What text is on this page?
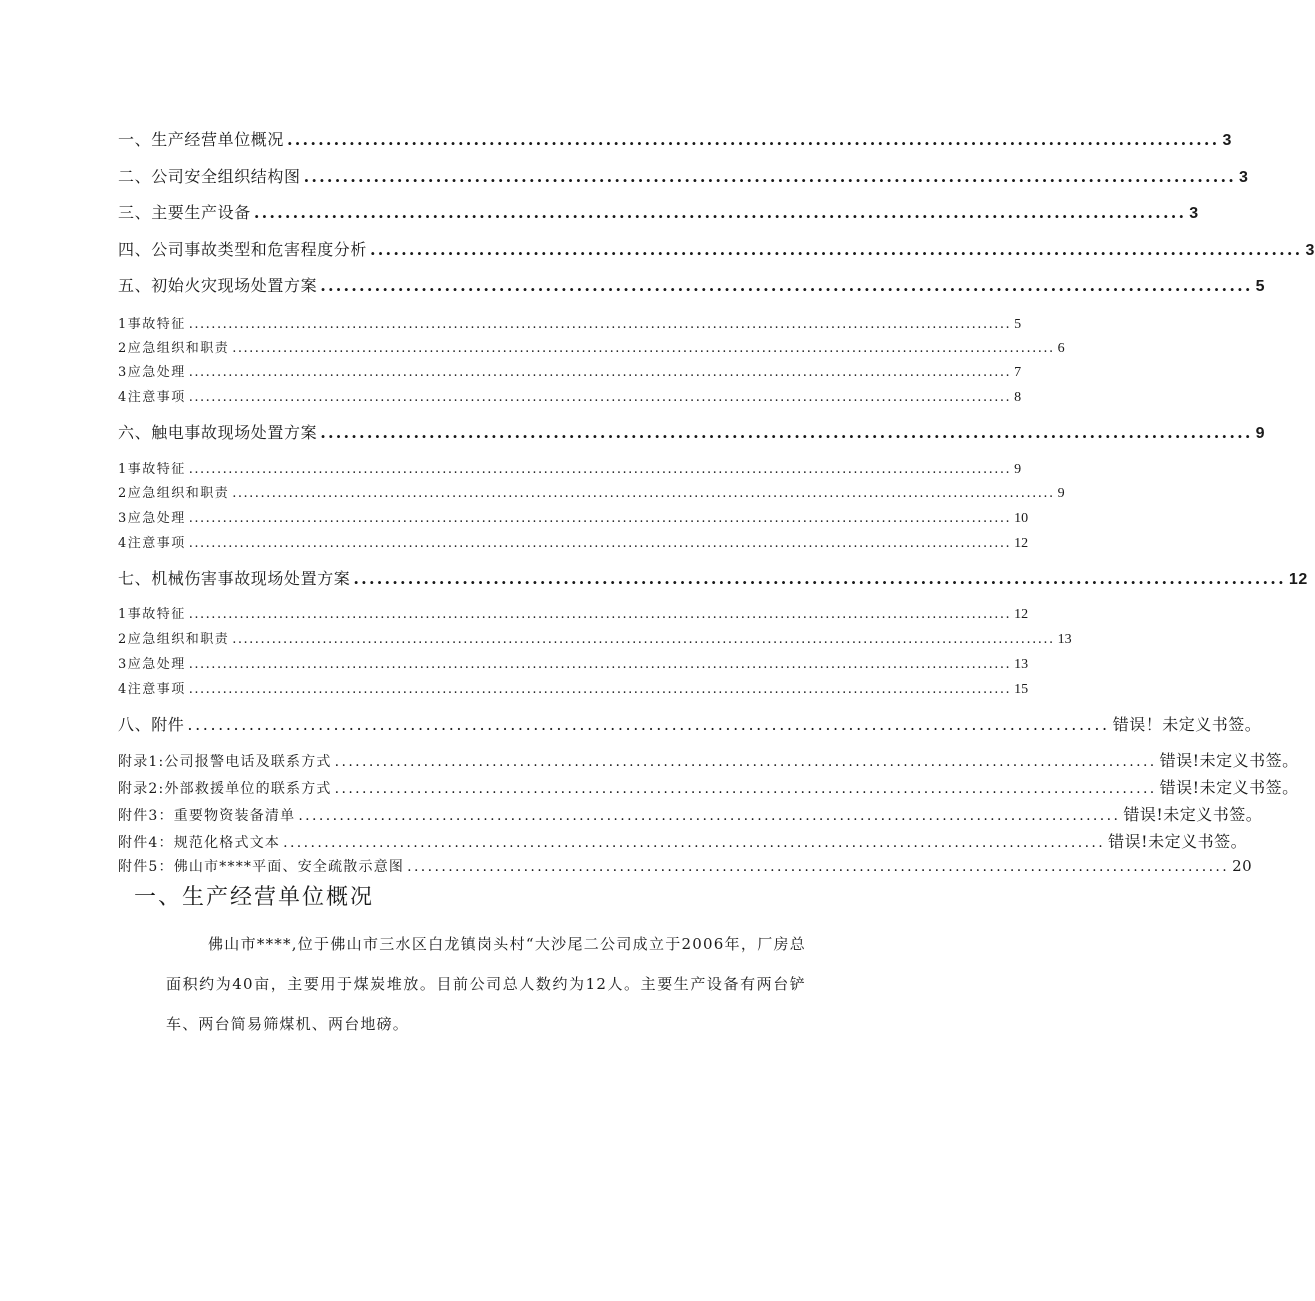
一、生产经营单位概况 ........................................................................................................................ 3
二、公司安全组织结构图 ........................................................................................................................ 3
三、主要生产设备 ........................................................................................................................ 3
四、公司事故类型和危害程度分析 ........................................................................................................................ 3
五、初始火灾现场处置方案 ........................................................................................................................ 5
1事故特征 .................................................................................................................................................. 5
2应急组织和职责 .................................................................................................................................................. 6
3应急处理 .................................................................................................................................................. 7
4注意事项 .................................................................................................................................................. 8
六、触电事故现场处置方案 ........................................................................................................................ 9
1事故特征 .................................................................................................................................................. 9
2应急组织和职责 .................................................................................................................................................. 9
3应急处理 .................................................................................................................................................. 10
4注意事项 .................................................................................................................................................. 12
七、机械伤害事故现场处置方案 ........................................................................................................................ 12
1事故特征 .................................................................................................................................................. 12
2应急组织和职责 .................................................................................................................................................. 13
3应急处理 .................................................................................................................................................. 13
4注意事项 .................................................................................................................................................. 15
八、附件 ........................................................................................................................ 错误！未定义书签。
附录1:公司报警电话及联系方式 ........................................................................................................................ 错误!未定义书签。
附录2:外部救援单位的联系方式 ........................................................................................................................ 错误!未定义书签。
附件3：重要物资装备清单 ........................................................................................................................ 错误!未定义书签。
附件4：规范化格式文本 ........................................................................................................................ 错误!未定义书签。
附件5：佛山市****平面、安全疏散示意图 ........................................................................................................................ 20
一、生产经营单位概况

佛山市****,位于佛山市三水区白龙镇岗头村“大沙尾二公司成立于2006年，厂房总面积约为40亩，主要用于煤炭堆放。目前公司总人数约为12人。主要生产设备有两台铲车、两台简易筛煤机、两台地磅。
